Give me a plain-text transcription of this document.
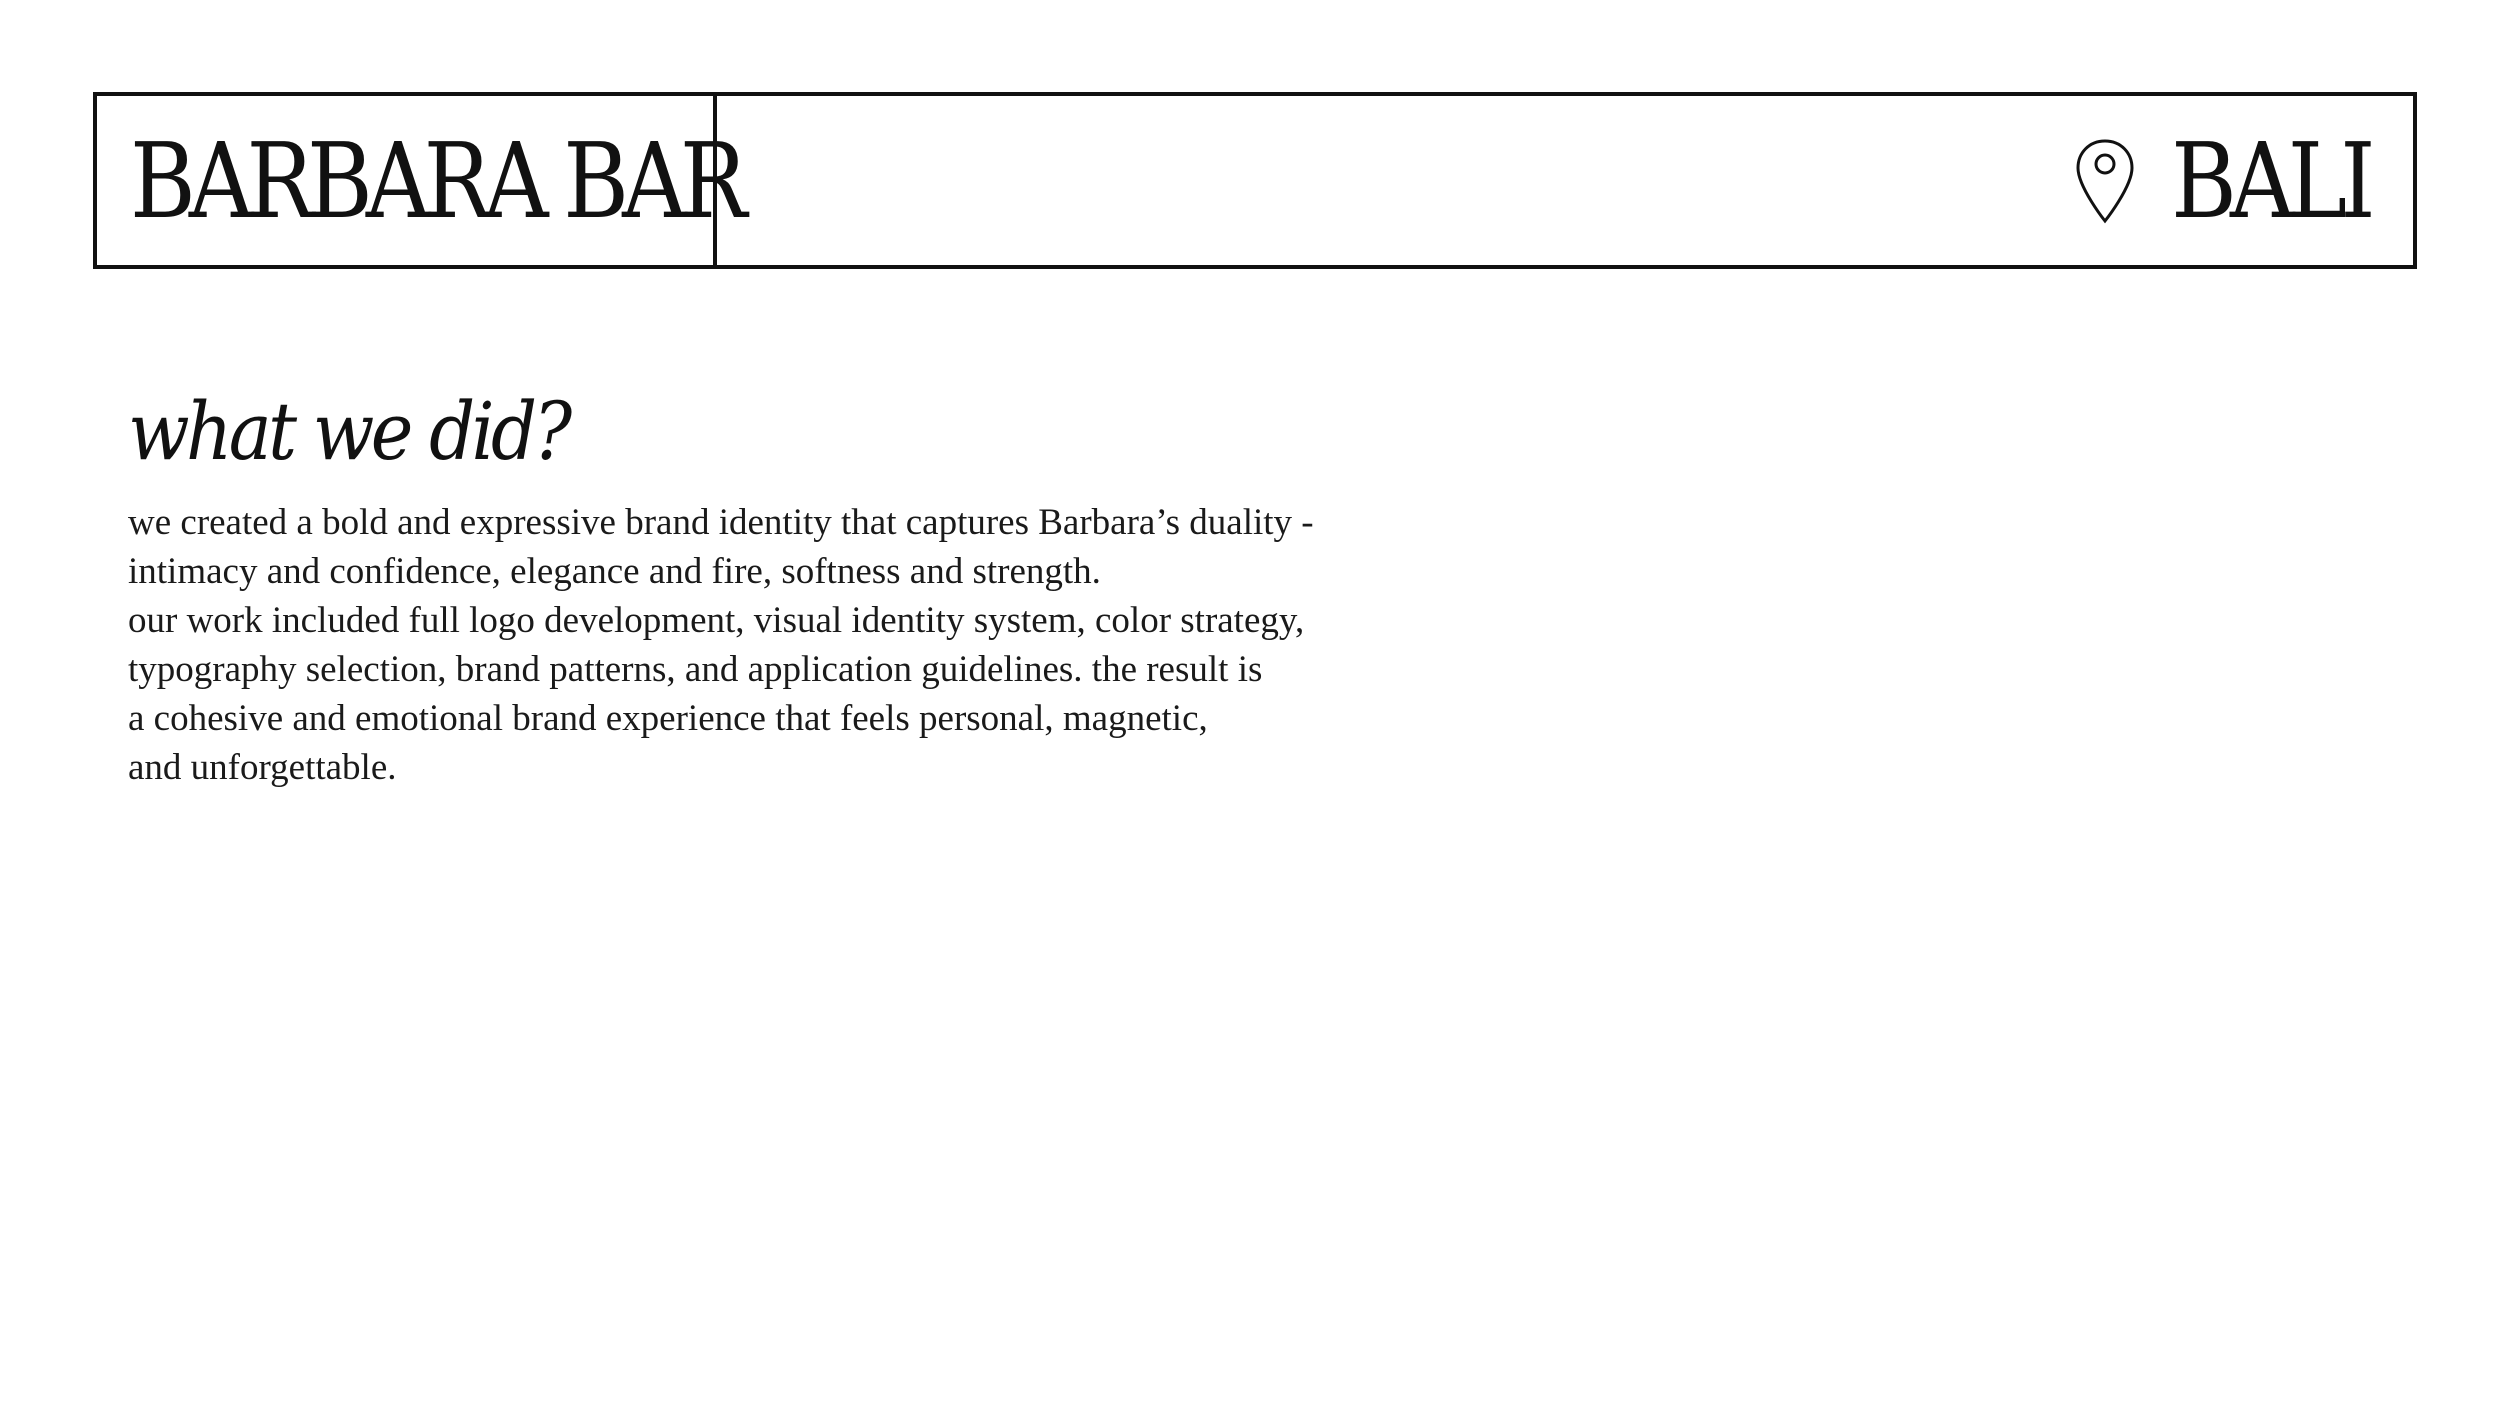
BARBARA BAR	BALI
what we did?
we created a bold and expressive brand identity that captures Barbara’s duality -
intimacy and confidence, elegance and fire, softness and strength.
our work included full logo development, visual identity system, color strategy,
typography selection, brand patterns, and application guidelines. the result is
a cohesive and emotional brand experience that feels personal, magnetic,
and unforgettable.
